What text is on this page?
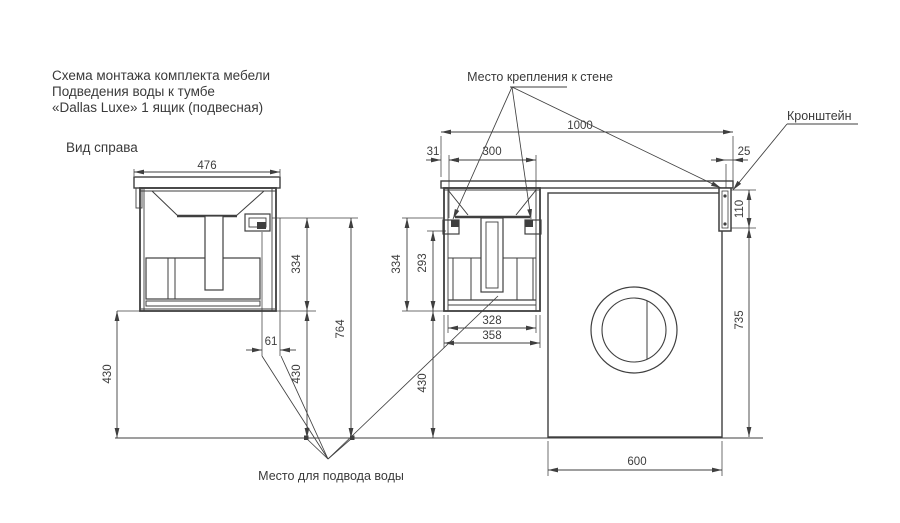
Схема монтажа комплекта мебели
Подведения воды к тумбе
«Dallas Luxe» 1 ящик (подвесная)
Вид справа
476
430
334
430
764
61
1000
31	300	25
110
735
334 293
430
328
358
600
Место крепления к стене
Кронштейн
Место для подвода воды
